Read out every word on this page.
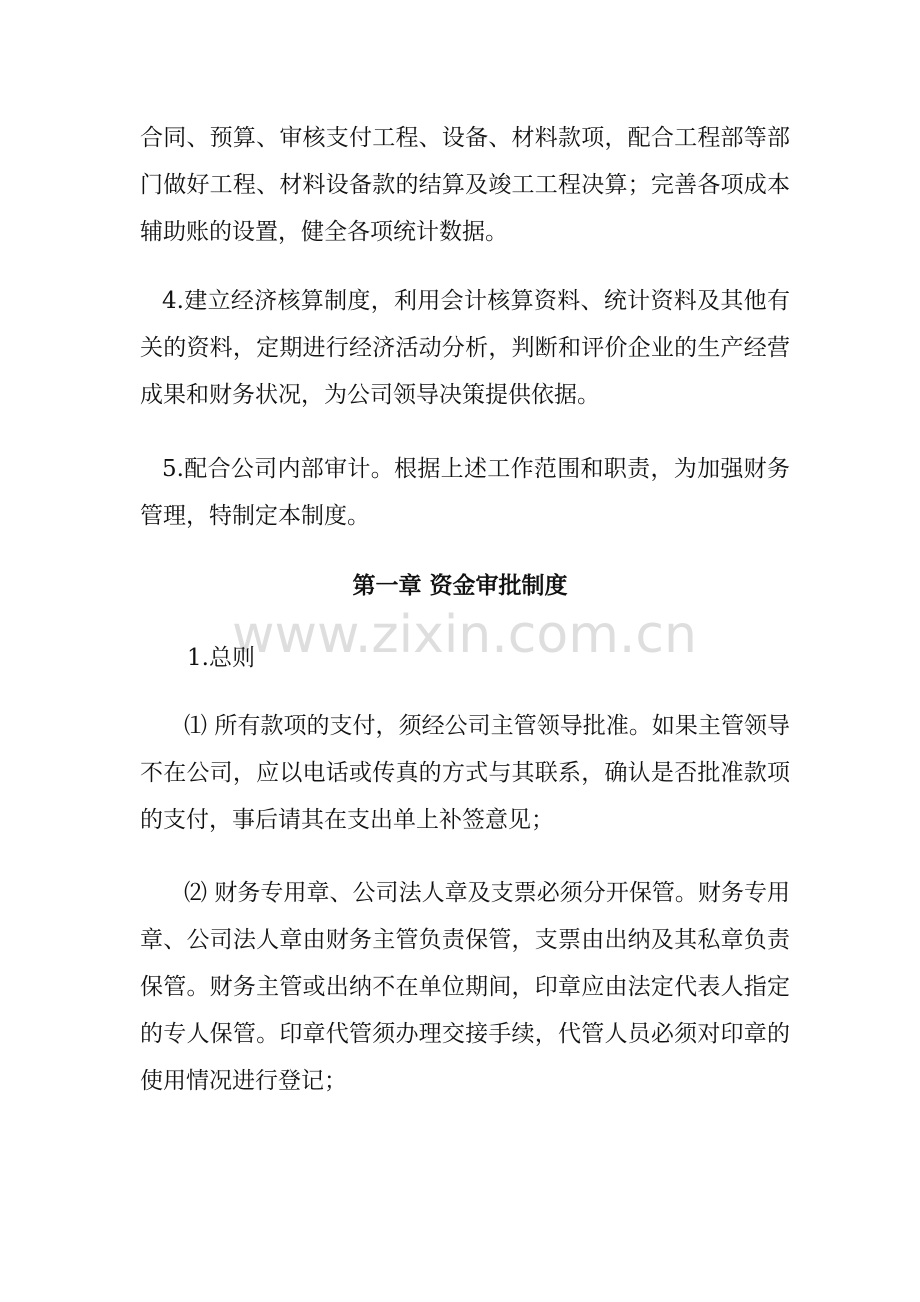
合同、预算、审核支付工程、设备、材料款项，配合工程部等部门做好工程、材料设备款的结算及竣工工程决算；完善各项成本辅助账的设置，健全各项统计数据。

4.建立经济核算制度，利用会计核算资料、统计资料及其他有关的资料，定期进行经济活动分析，判断和评价企业的生产经营成果和财务状况，为公司领导决策提供依据。

5.配合公司内部审计。根据上述工作范围和职责，为加强财务管理，特制定本制度。

第一章 资金审批制度
www.zixin.com.cn

1.总则

⑴ 所有款项的支付，须经公司主管领导批准。如果主管领导不在公司，应以电话或传真的方式与其联系，确认是否批准款项的支付，事后请其在支出单上补签意见；

⑵ 财务专用章、公司法人章及支票必须分开保管。财务专用章、公司法人章由财务主管负责保管，支票由出纳及其私章负责保管。财务主管或出纳不在单位期间，印章应由法定代表人指定的专人保管。印章代管须办理交接手续，代管人员必须对印章的使用情况进行登记；
